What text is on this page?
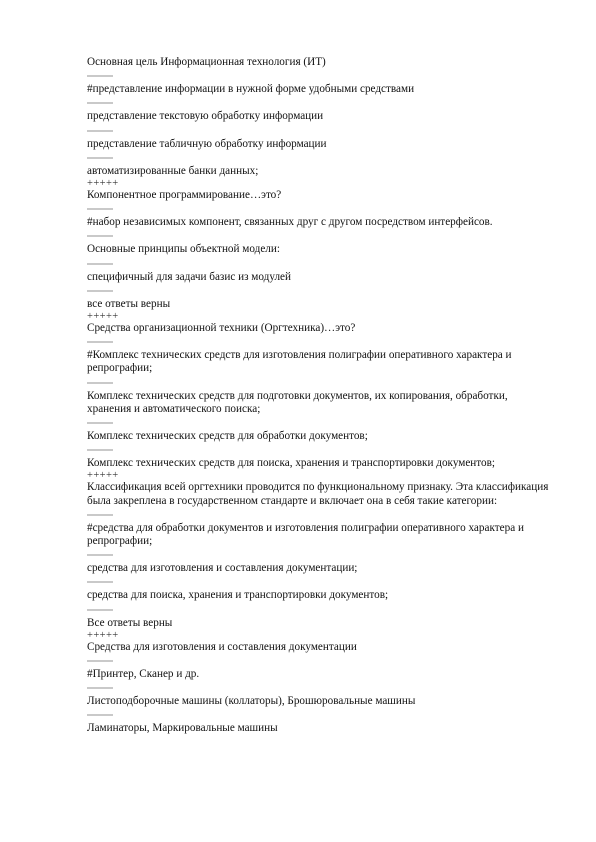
Основная цель Информационная технология (ИТ)
#представление информации в нужной форме удобными средствами
представление текстовую обработку информации
представление табличную обработку информации
автоматизированные банки данных;
+++++
Компонентное программирование…это?
#набор независимых компонент, связанных друг с другом посредством интерфейсов.
Основные принципы объектной модели:
специфичный для задачи базис из модулей
все ответы верны
+++++
Средства организационной техники (Оргтехника)…это?
#Комплекс технических средств для изготовления полиграфии оперативного характера и репрографии;
Комплекс технических средств для подготовки документов, их копирования, обработки, хранения и автоматического поиска;
Комплекс технических средств для обработки документов;
Комплекс технических средств для поиска, хранения и транспортировки документов;
+++++
Классификация всей оргтехники проводится по функциональному признаку. Эта классификация была закреплена в государственном стандарте и включает она в себя такие категории:
#средства для обработки документов и изготовления полиграфии оперативного характера и репрографии;
средства для изготовления и составления документации;
средства для поиска, хранения и транспортировки документов;
Все ответы верны
+++++
Средства для изготовления и составления документации
#Принтер, Сканер и др.
Листоподборочные машины (коллаторы), Брошюровальные машины
Ламинаторы, Маркировальные машины
